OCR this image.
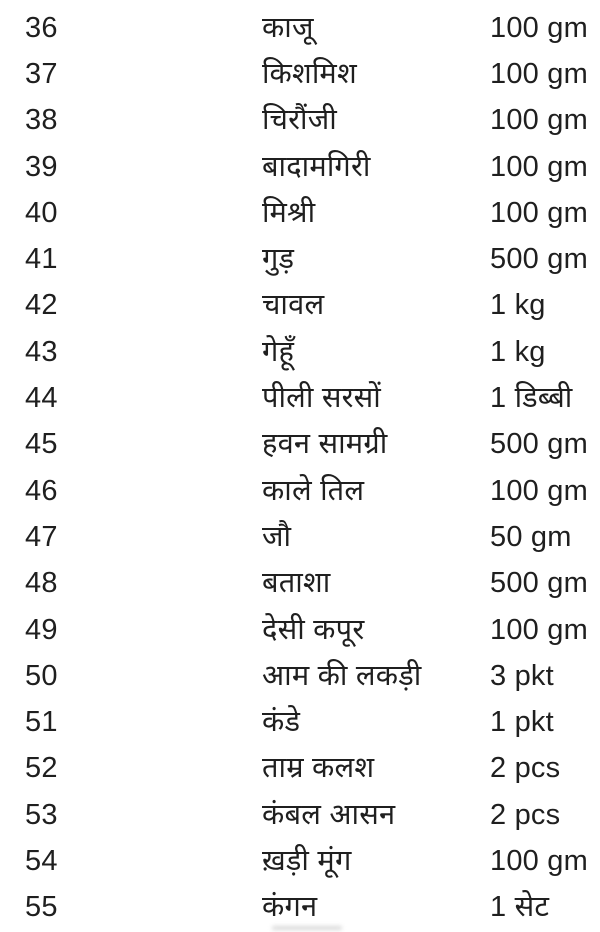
36	काजू	100 gm
37	किशमिश	100 gm
38	चिरौंजी	100 gm
39	बादामगिरी	100 gm
40	मिश्री	100 gm
41	गुड़	500 gm
42	चावल	1 kg
43	गेहूँ	1 kg
44	पीली सरसों	1 डिब्बी
45	हवन सामग्री	500 gm
46	काले तिल	100 gm
47	जौ	50 gm
48	बताशा	500 gm
49	देसी कपूर	100 gm
50	आम की लकड़ी	3 pkt
51	कंडे	1 pkt
52	ताम्र कलश	2 pcs
53	कंबल आसन	2 pcs
54	ख़ड़ी मूंग	100 gm
55	कंगन	1 सेट
